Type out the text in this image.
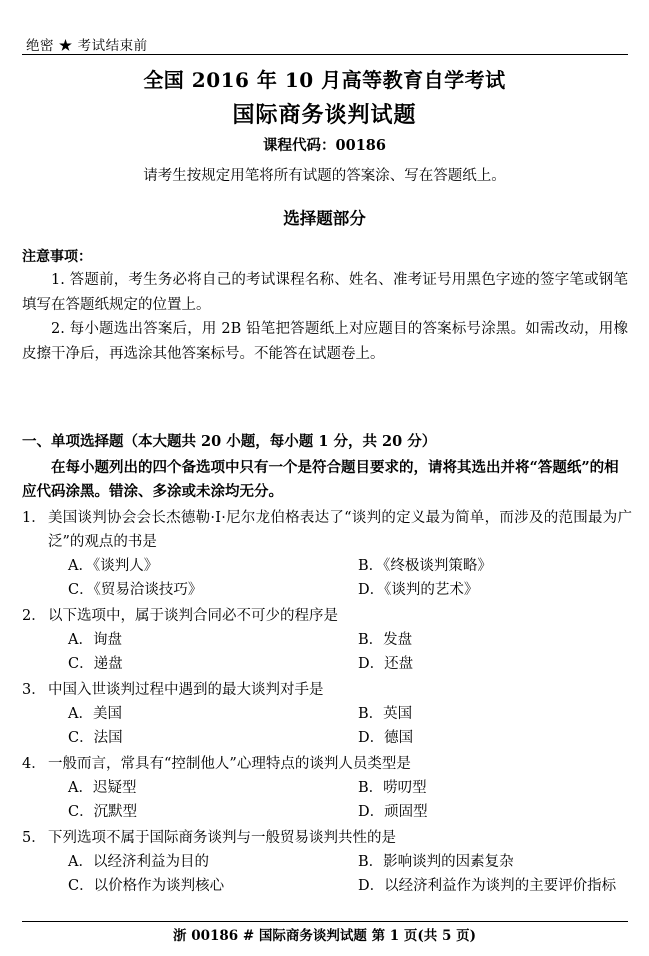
绝密 ★ 考试结束前
全国 2016 年 10 月高等教育自学考试
国际商务谈判试题
课程代码：00186
请考生按规定用笔将所有试题的答案涂、写在答题纸上。
选择题部分
注意事项：

1. 答题前，考生务必将自己的考试课程名称、姓名、准考证号用黑色字迹的签字笔或钢笔填写在答题纸规定的位置上。

2. 每小题选出答案后，用 2B 铅笔把答题纸上对应题目的答案标号涂黑。如需改动，用橡皮擦干净后，再选涂其他答案标号。不能答在试题卷上。

一、单项选择题（本大题共 20 小题，每小题 1 分，共 20 分）
在每小题列出的四个备选项中只有一个是符合题目要求的，请将其选出并将“答题纸”的相应代码涂黑。错涂、多涂或未涂均无分。
1． 美国谈判协会会长杰德勒·Ⅰ·尼尔龙伯格表达了“谈判的定义最为简单，而涉及的范围最为广泛”的观点的书是
A．《谈判人》	B．《终极谈判策略》
C．《贸易洽谈技巧》	D．《谈判的艺术》
2． 以下选项中，属于谈判合同必不可少的程序是
A．询盘	B．发盘
C．递盘	D．还盘
3． 中国入世谈判过程中遇到的最大谈判对手是
A．美国	B．英国
C．法国	D．德国
4． 一般而言，常具有“控制他人”心理特点的谈判人员类型是
A．迟疑型	B．唠叨型
C．沉默型	D．顽固型
5． 下列选项不属于国际商务谈判与一般贸易谈判共性的是
A．以经济利益为目的	B．影响谈判的因素复杂
C．以价格作为谈判核心	D．以经济利益作为谈判的主要评价指标
浙 00186 # 国际商务谈判试题 第 1 页(共 5 页)
